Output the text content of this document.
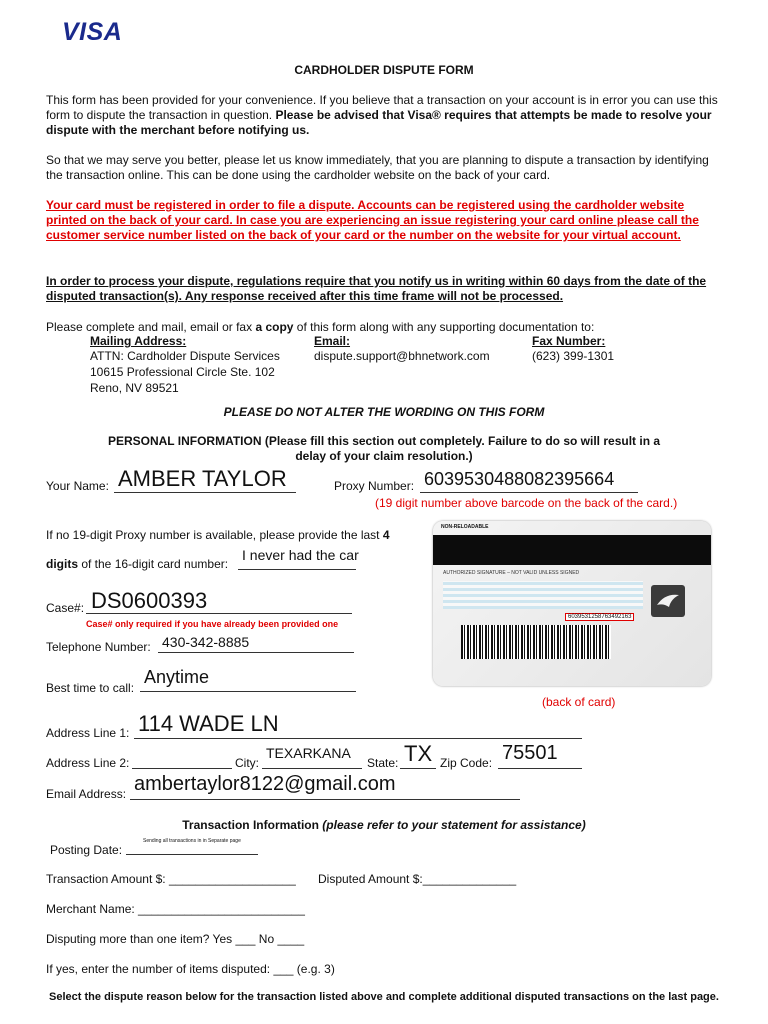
VISA
CARDHOLDER DISPUTE FORM
This form has been provided for your convenience. If you believe that a transaction on your account is in error you can use this form to dispute the transaction in question. Please be advised that Visa® requires that attempts be made to resolve your dispute with the merchant before notifying us.
So that we may serve you better, please let us know immediately, that you are planning to dispute a transaction by identifying the transaction online. This can be done using the cardholder website on the back of your card.
Your card must be registered in order to file a dispute. Accounts can be registered using the cardholder website printed on the back of your card. In case you are experiencing an issue registering your card online please call the customer service number listed on the back of your card or the number on the website for your virtual account.
In order to process your dispute, regulations require that you notify us in writing within 60 days from the date of the disputed transaction(s). Any response received after this time frame will not be processed.
Please complete and mail, email or fax a copy of this form along with any supporting documentation to:
Mailing Address:
ATTN: Cardholder Dispute Services
10615 Professional Circle Ste. 102
Reno, NV 89521
Email:
dispute.support@bhnetwork.com
Fax Number:
(623) 399-1301
PLEASE DO NOT ALTER THE WORDING ON THIS FORM
PERSONAL INFORMATION (Please fill this section out completely. Failure to do so will result in a
delay of your claim resolution.)
Your Name: AMBER TAYLOR	Proxy Number: 603953048808239566​4
(19 digit number above barcode on the back of the card.)
If no 19-digit Proxy number is available, please provide the last 4
digits of the 16-digit card number:
I never had the car
Case#: DS0600393
Case# only required if you have already been provided one
Telephone Number: 430-342-8885
Best time to call:
Anytime
NON-RELOADABLE
AUTHORIZED SIGNATURE – NOT VALID UNLESS SIGNED
6039531258763492163
(back of card)
Address Line 1: 114 WADE LN
Address Line 2:	City:
TEXARKANA
State: TX Zip Code: 75501
Email Address: ambertaylor8122@gmail.com
Transaction Information (please refer to your statement for assistance)
Posting Date:
Sending all transactions in in Separate page
Transaction Amount $: ___________________ Disputed Amount $:______________
Merchant Name: _________________________
Disputing more than one item? Yes ___ No ____
If yes, enter the number of items disputed: ___ (e.g. 3)
Select the dispute reason below for the transaction listed above and complete additional disputed transactions on the last page.
